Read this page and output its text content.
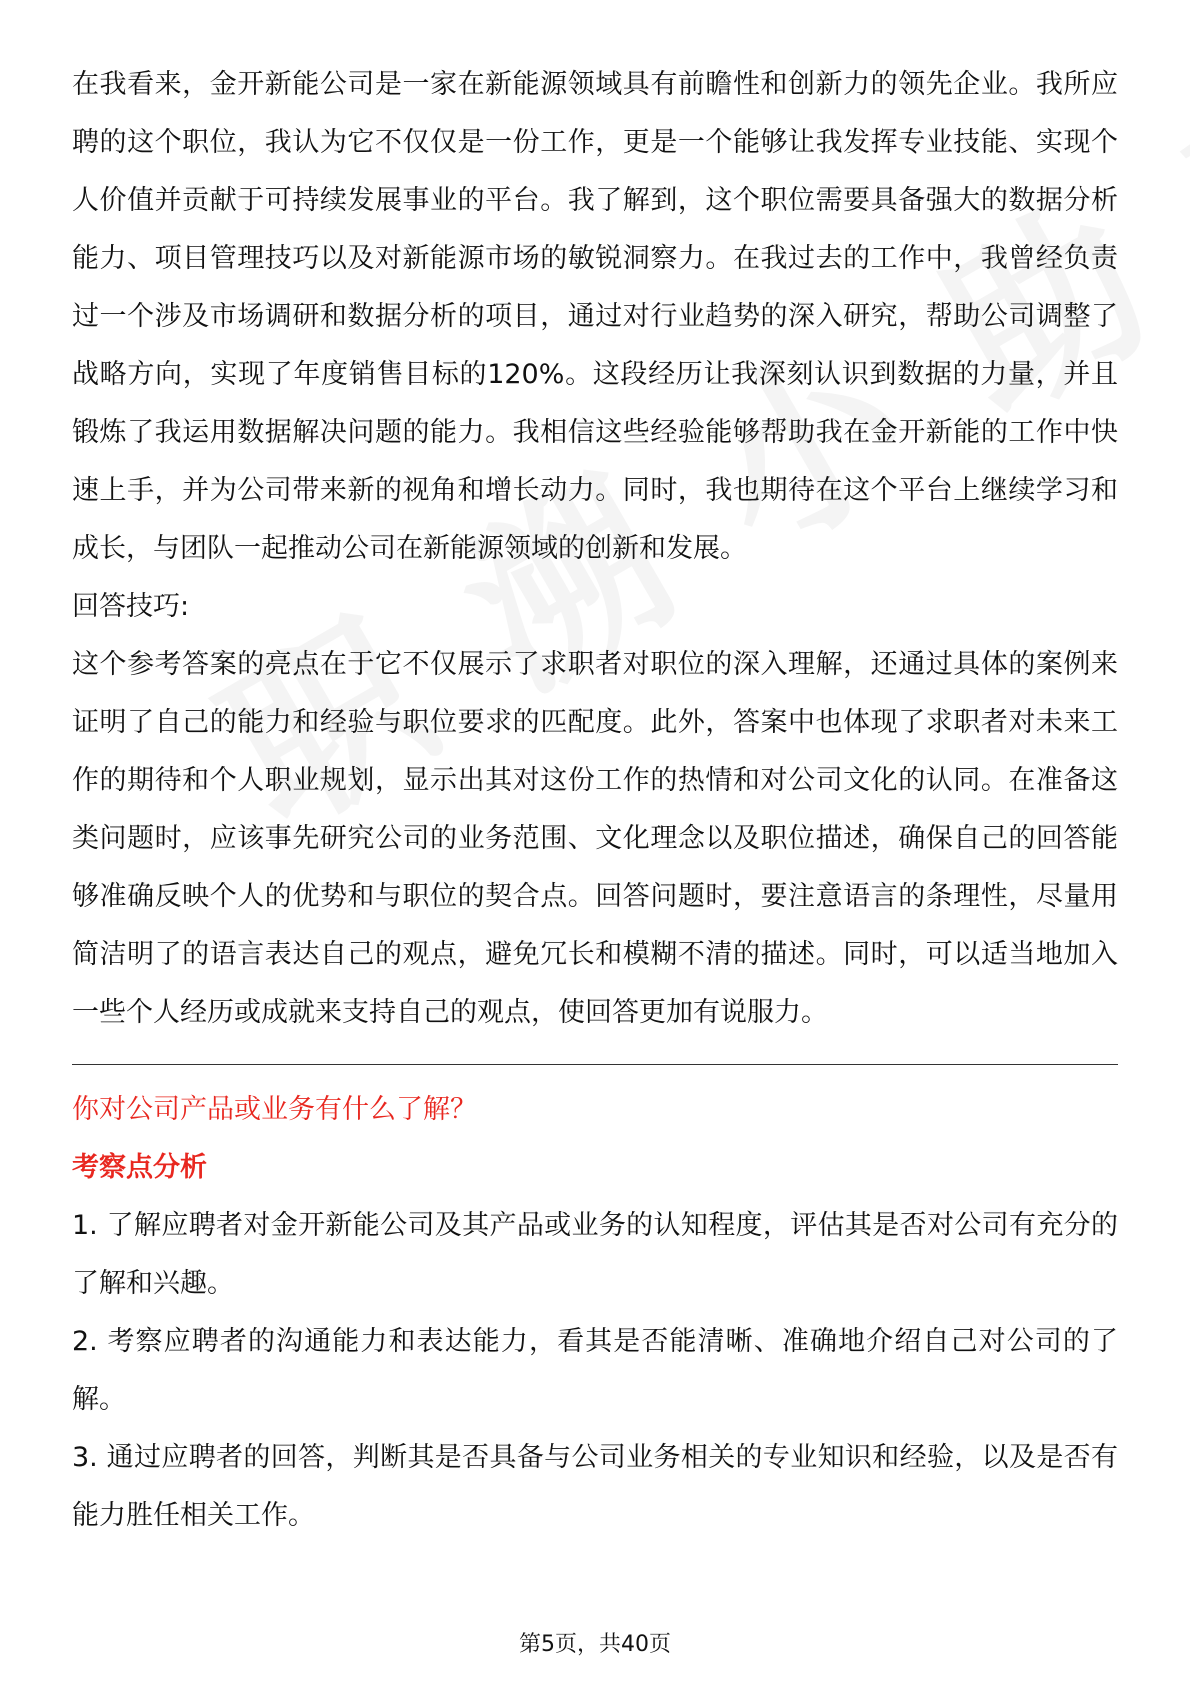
在我看来，金开新能公司是一家在新能源领域具有前瞻性和创新力的领先企业。我所应聘的这个职位，我认为它不仅仅是一份工作，更是一个能够让我发挥专业技能、实现个人价值并贡献于可持续发展事业的平台。我了解到，这个职位需要具备强大的数据分析能力、项目管理技巧以及对新能源市场的敏锐洞察力。在我过去的工作中，我曾经负责过一个涉及市场调研和数据分析的项目，通过对行业趋势的深入研究，帮助公司调整了战略方向，实现了年度销售目标的120%。这段经历让我深刻认识到数据的力量，并且锻炼了我运用数据解决问题的能力。我相信这些经验能够帮助我在金开新能的工作中快速上手，并为公司带来新的视角和增长动力。同时，我也期待在这个平台上继续学习和成长，与团队一起推动公司在新能源领域的创新和发展。

回答技巧:

这个参考答案的亮点在于它不仅展示了求职者对职位的深入理解，还通过具体的案例来证明了自己的能力和经验与职位要求的匹配度。此外，答案中也体现了求职者对未来工作的期待和个人职业规划，显示出其对这份工作的热情和对公司文化的认同。在准备这类问题时，应该事先研究公司的业务范围、文化理念以及职位描述，确保自己的回答能够准确反映个人的优势和与职位的契合点。回答问题时，要注意语言的条理性，尽量用简洁明了的语言表达自己的观点，避免冗长和模糊不清的描述。同时，可以适当地加入一些个人经历或成就来支持自己的观点，使回答更加有说服力。

你对公司产品或业务有什么了解？

考察点分析

1. 了解应聘者对金开新能公司及其产品或业务的认知程度，评估其是否对公司有充分的了解和兴趣。

2. 考察应聘者的沟通能力和表达能力，看其是否能清晰、准确地介绍自己对公司的了解。

3. 通过应聘者的回答，判断其是否具备与公司业务相关的专业知识和经验，以及是否有能力胜任相关工作。

第5页，共40页
